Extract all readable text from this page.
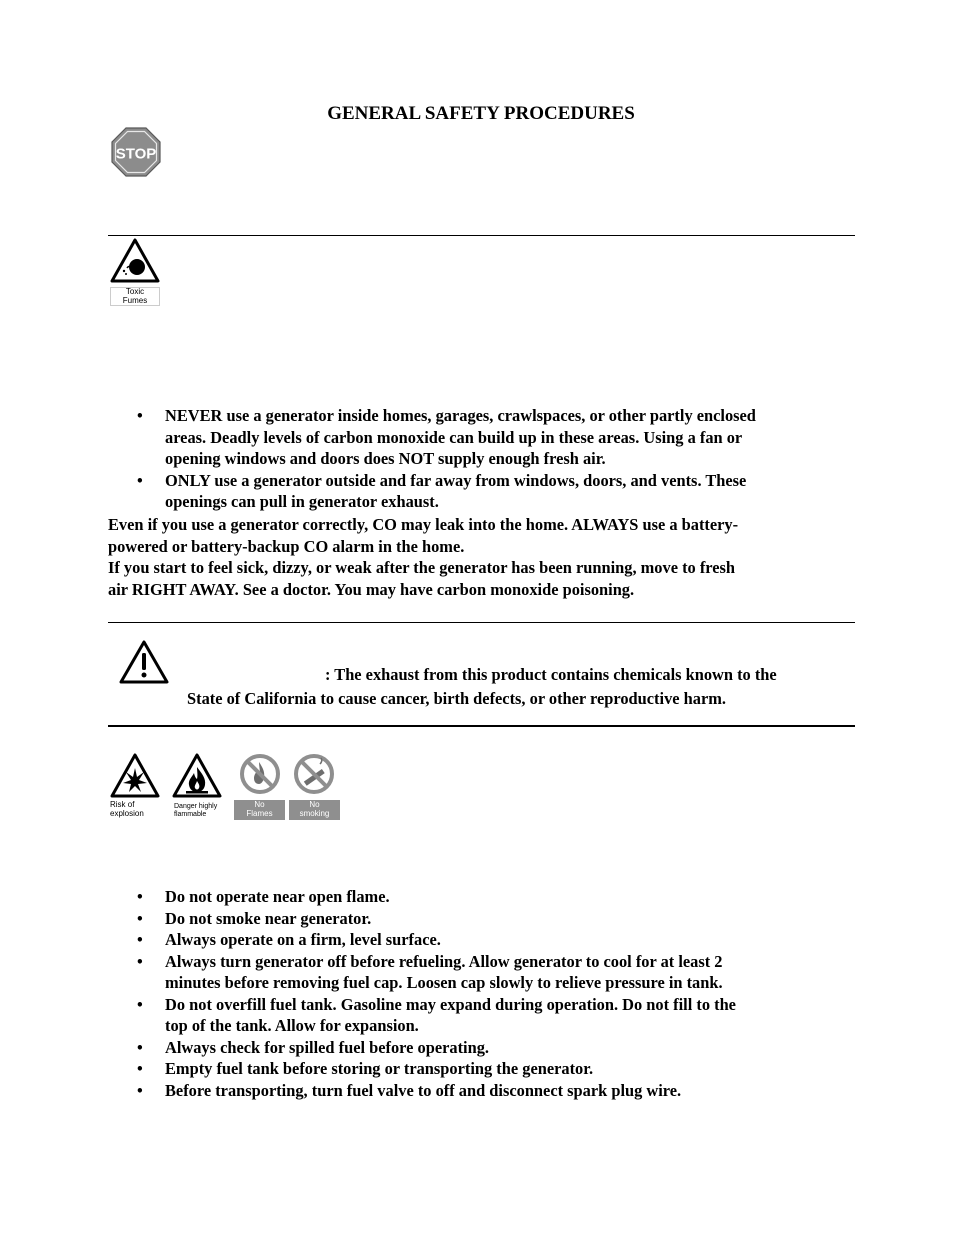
GENERAL SAFETY PROCEDURES
STOP
Toxic
Fumes
• NEVER use a generator inside homes, garages, crawlspaces, or other partly enclosed
areas. Deadly levels of carbon monoxide can build up in these areas. Using a fan or
opening windows and doors does NOT supply enough fresh air.
• ONLY use a generator outside and far away from windows, doors, and vents. These
openings can pull in generator exhaust.
Even if you use a generator correctly, CO may leak into the home. ALWAYS use a battery-
powered or battery-backup CO alarm in the home.
If you start to feel sick, dizzy, or weak after the generator has been running, move to fresh
air RIGHT AWAY. See a doctor. You may have carbon monoxide poisoning.
: The exhaust from this product contains chemicals known to the
State of California to cause cancer, birth defects, or other reproductive harm.
Risk of
explosion
Danger highly
flammable
No
Flames
No
smoking
• Do not operate near open flame.
• Do not smoke near generator.
• Always operate on a firm, level surface.
• Always turn generator off before refueling. Allow generator to cool for at least 2
minutes before removing fuel cap. Loosen cap slowly to relieve pressure in tank.
• Do not overfill fuel tank. Gasoline may expand during operation. Do not fill to the
top of the tank. Allow for expansion.
• Always check for spilled fuel before operating.
• Empty fuel tank before storing or transporting the generator.
• Before transporting, turn fuel valve to off and disconnect spark plug wire.
